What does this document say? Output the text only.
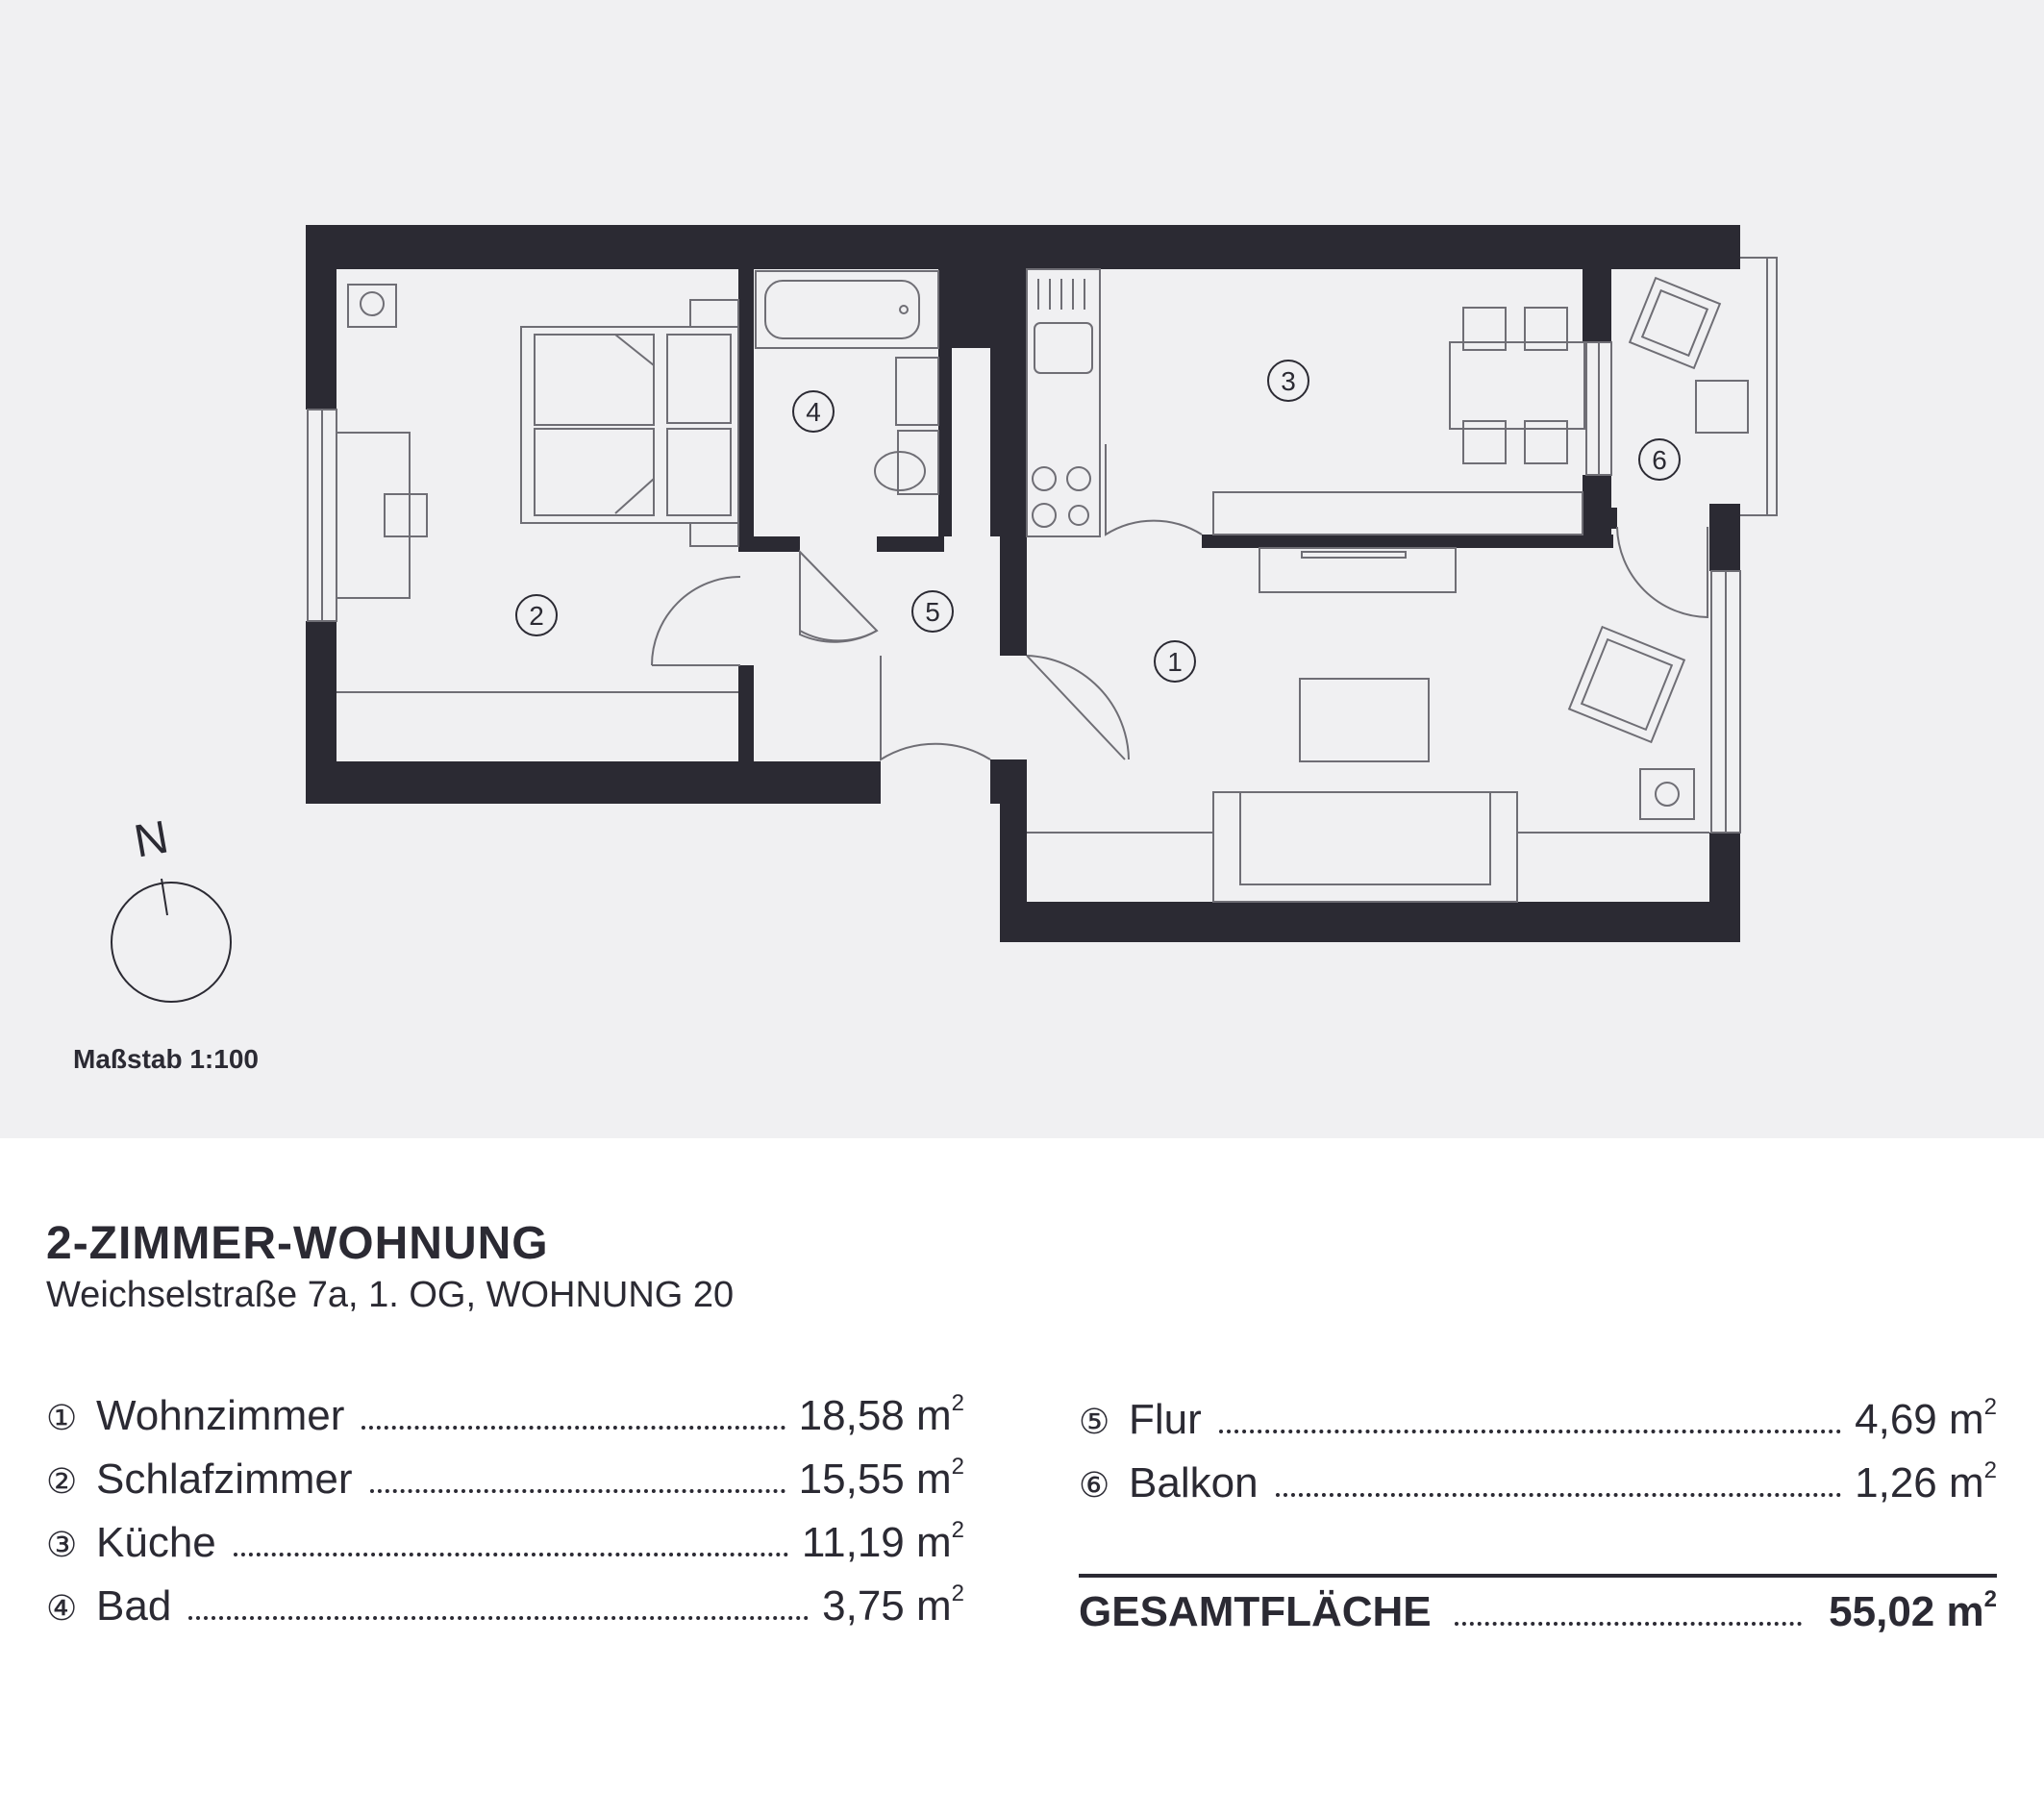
1
2
3
4
5
6
N
Maßstab 1:100
2-ZIMMER-WOHNUNG

Weichselstraße 7a, 1. OG, WOHNUNG 20

① Wohnzimmer	18,58 $m^2$
② Schlafzimmer	15,55 $m^2$
③ Küche	11,19 $m^2$
④ Bad	3,75 $m^2$
⑤ Flur	4,69 $m^2$
⑥ Balkon	1,26 $m^2$
GESAMTFLÄCHE	55,02 $m^2$
